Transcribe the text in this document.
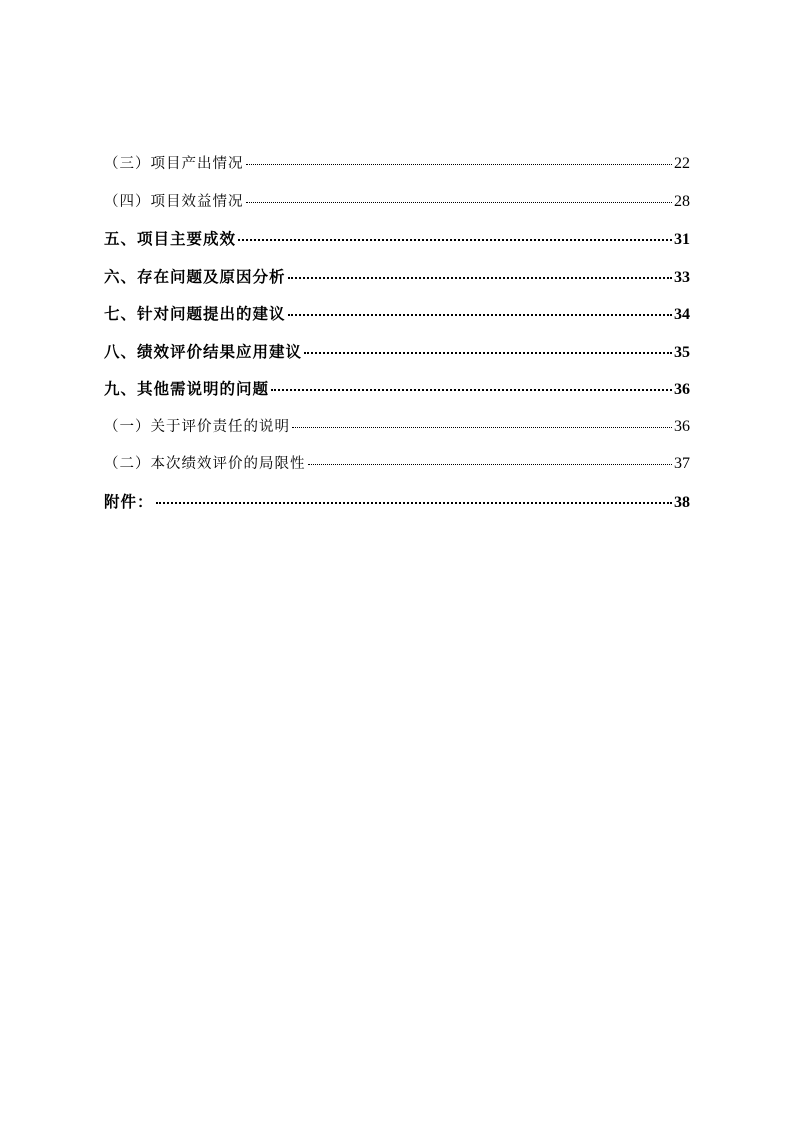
（三）项目产出情况	22
（四）项目效益情况	28
五、项目主要成效	31
六、存在问题及原因分析	33
七、针对问题提出的建议	34
八、绩效评价结果应用建议	35
九、其他需说明的问题	36
（一）关于评价责任的说明	36
（二）本次绩效评价的局限性	37
附件：	38
